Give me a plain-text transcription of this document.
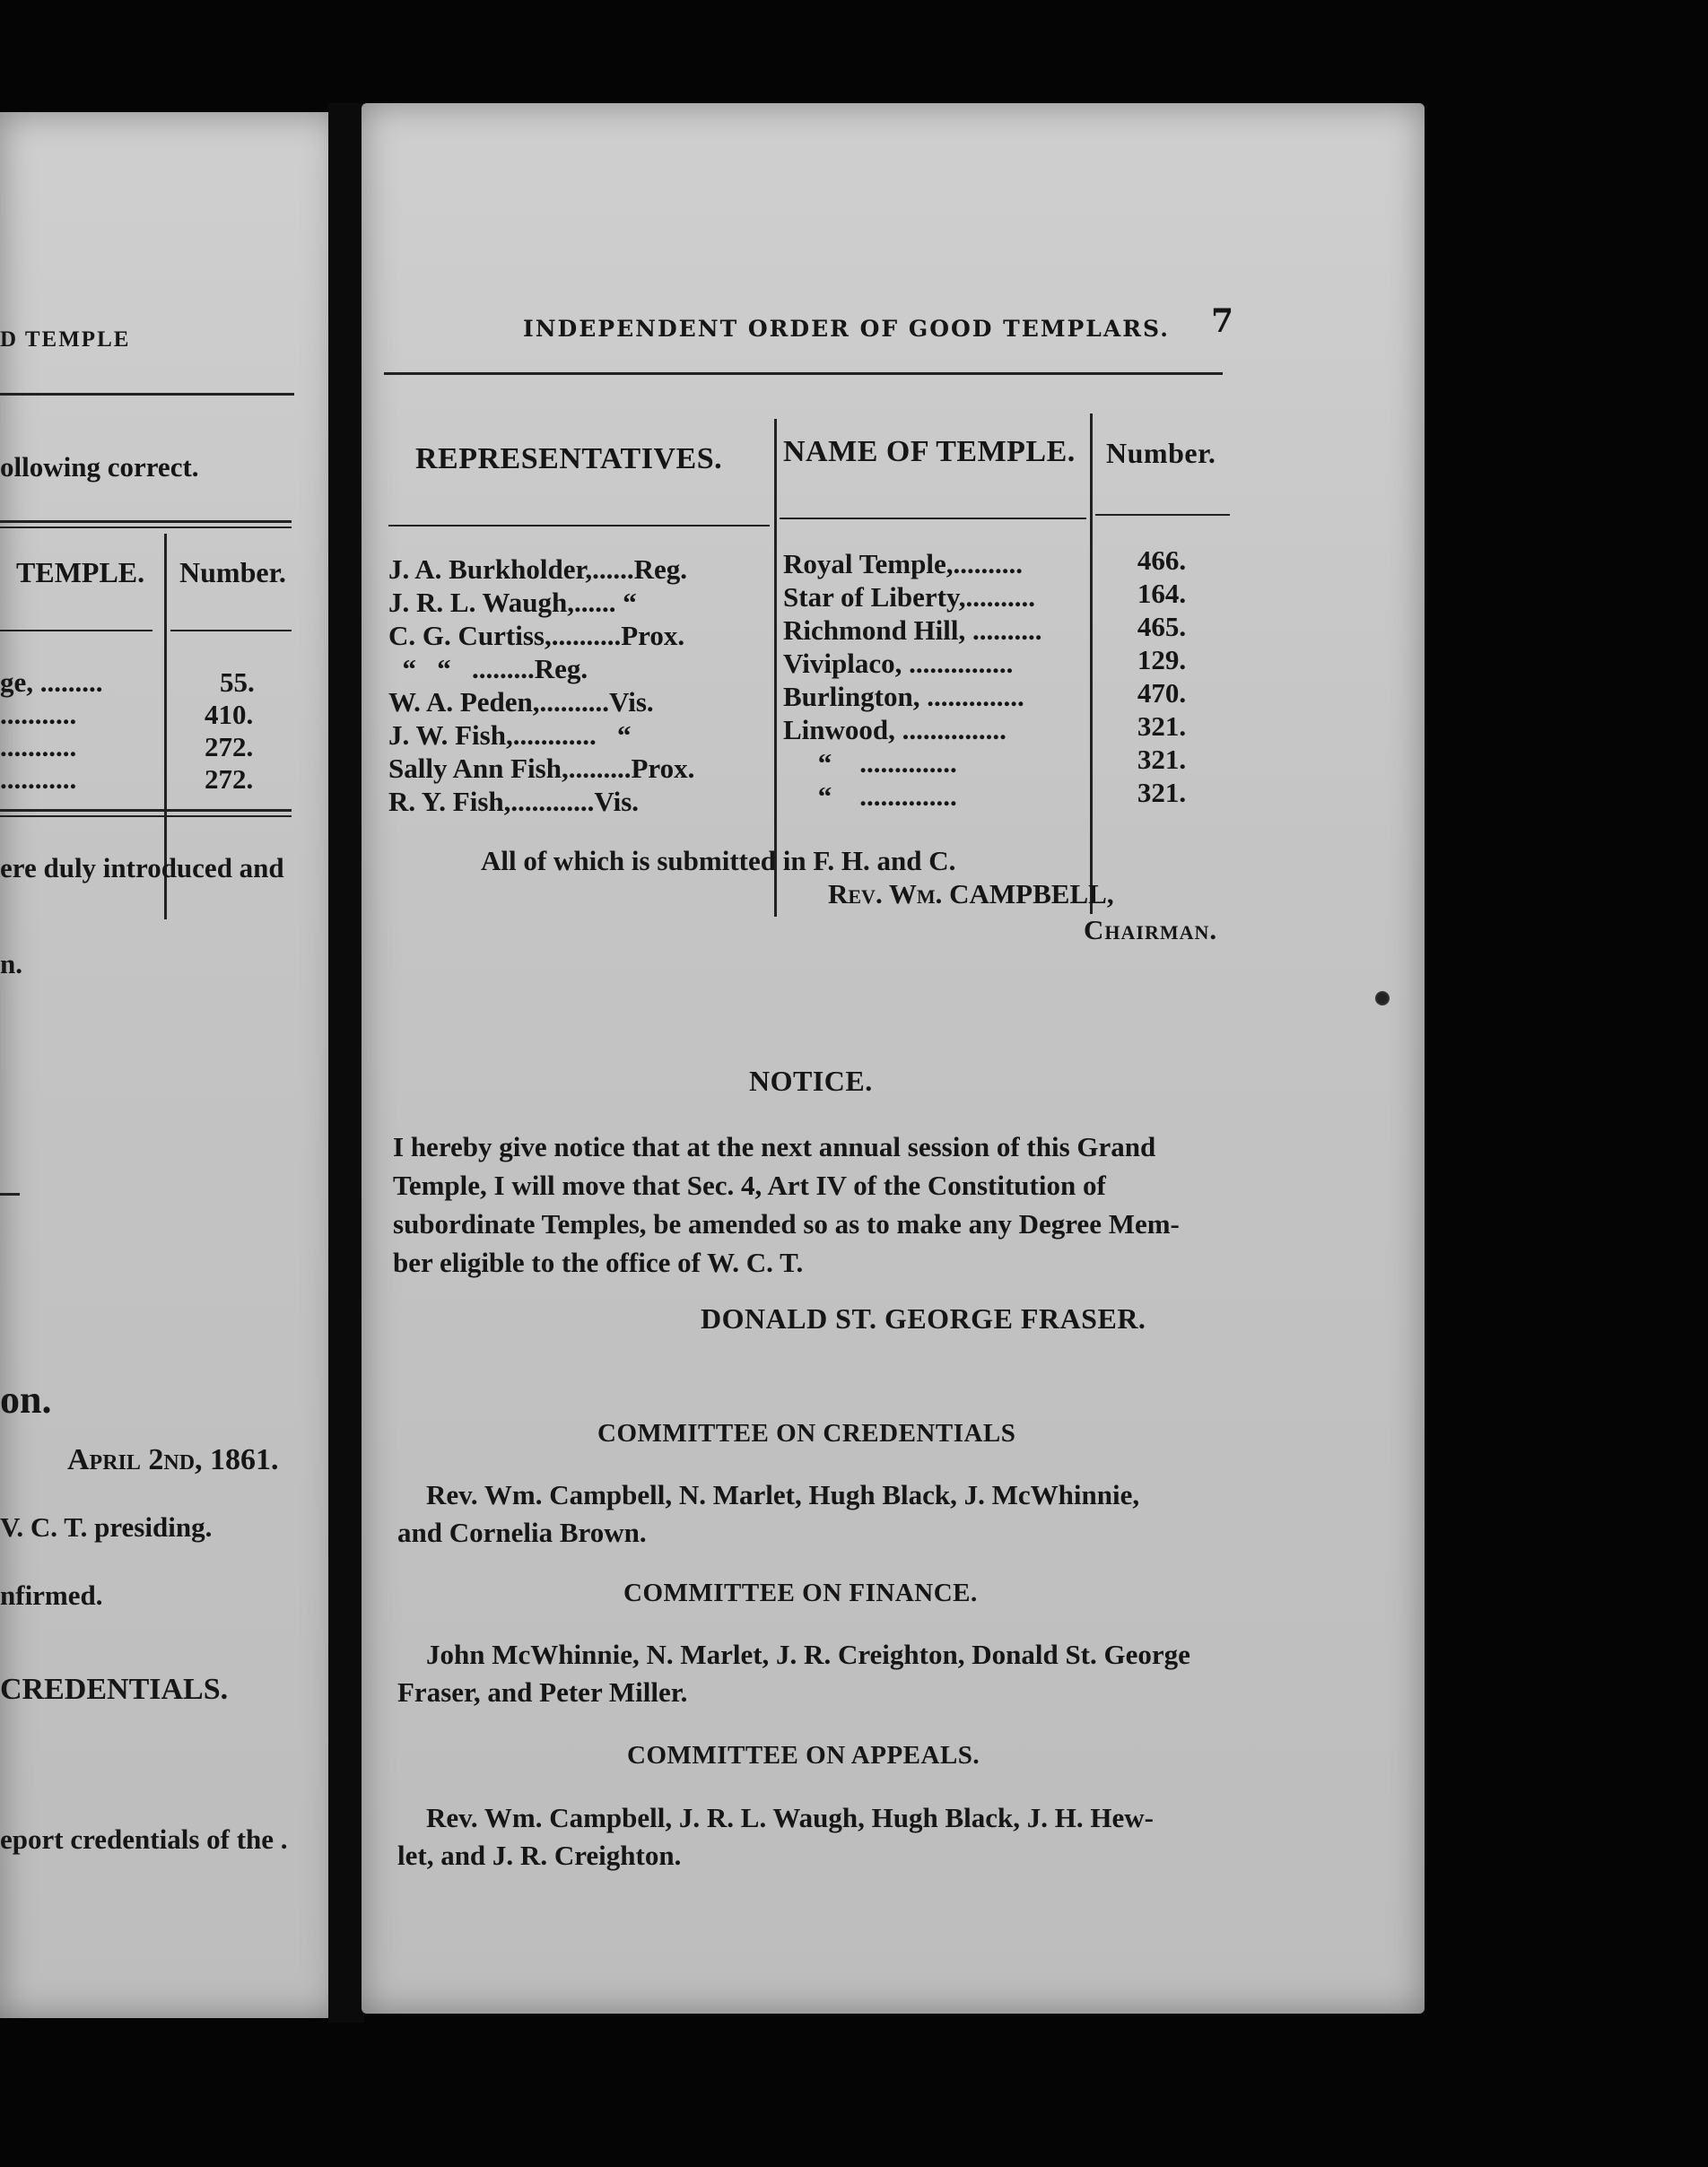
D TEMPLE
ollowing correct.
TEMPLE. Number.
ge, .........	55.
...........	410.
...........	272.
...........	272.
ere duly introduced and
n.
on.
April 2nd, 1861.
V. C. T. presiding.
nfirmed.
CREDENTIALS.
eport credentials of the .
INDEPENDENT ORDER OF GOOD TEMPLARS. 7
REPRESENTATIVES. NAME OF TEMPLE. Number.
J. A. Burkholder,......Reg.	Royal Temple,..........	466.
J. R. L. Waugh,...... “	Star of Liberty,..........	164.
C. G. Curtiss,..........Prox.	Richmond Hill, ..........	465.
“   “   .........Reg.	Viviplaco, ...............	129.
W. A. Peden,..........Vis.	Burlington, ..............	470.
J. W. Fish,............   “	Linwood, ...............	321.
Sally Ann Fish,.........Prox.	“    ..............	321.
R. Y. Fish,............Vis.	“    ..............	321.
All of which is submitted in F. H. and C.
Rev. Wm. CAMPBELL,
Chairman.
NOTICE.
I hereby give notice that at the next annual session of this Grand
Temple, I will move that Sec. 4, Art IV of the Constitution of
subordinate Temples, be amended so as to make any Degree Mem-
ber eligible to the office of W. C. T.
DONALD ST. GEORGE FRASER.
COMMITTEE ON CREDENTIALS
Rev. Wm. Campbell, N. Marlet, Hugh Black, J. McWhinnie,
and Cornelia Brown.
COMMITTEE ON FINANCE.
John McWhinnie, N. Marlet, J. R. Creighton, Donald St. George
Fraser, and Peter Miller.
COMMITTEE ON APPEALS.
Rev. Wm. Campbell, J. R. L. Waugh, Hugh Black, J. H. Hew-
let, and J. R. Creighton.
